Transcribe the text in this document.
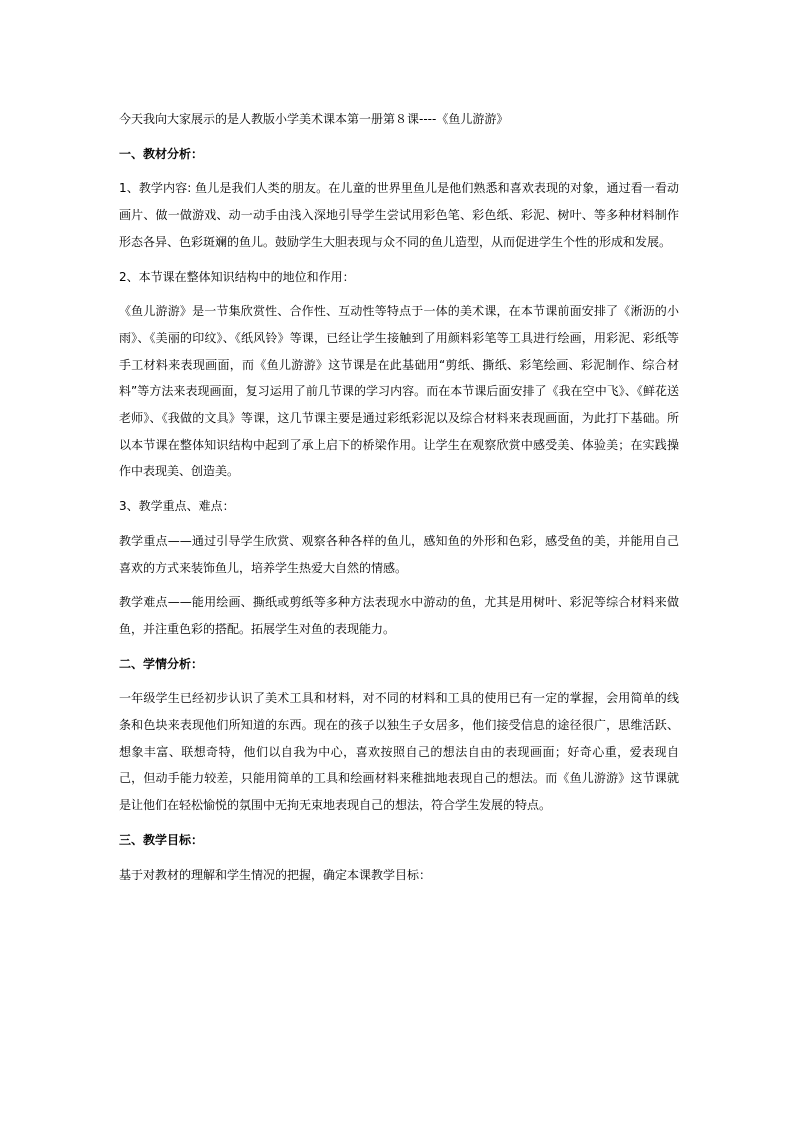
今天我向大家展示的是人教版小学美术课本第一册第８课----《鱼儿游游》

一、教材分析：

1、教学内容: 鱼儿是我们人类的朋友。在儿童的世界里鱼儿是他们熟悉和喜欢表现的对象，通过看一看动画片、做一做游戏、动一动手由浅入深地引导学生尝试用彩色笔、彩色纸、彩泥、树叶、等多种材料制作形态各异、色彩斑斓的鱼儿。鼓励学生大胆表现与众不同的鱼儿造型，从而促进学生个性的形成和发展。

2、本节课在整体知识结构中的地位和作用：

《鱼儿游游》是一节集欣赏性、合作性、互动性等特点于一体的美术课，在本节课前面安排了《淅沥的小雨》、《美丽的印纹》、《纸风铃》等课，已经让学生接触到了用颜料彩笔等工具进行绘画，用彩泥、彩纸等手工材料来表现画面，而《鱼儿游游》这节课是在此基础用“剪纸、撕纸、彩笔绘画、彩泥制作、综合材料”等方法来表现画面，复习运用了前几节课的学习内容。而在本节课后面安排了《我在空中飞》、《鲜花送老师》、《我做的文具》等课，这几节课主要是通过彩纸彩泥以及综合材料来表现画面，为此打下基础。所以本节课在整体知识结构中起到了承上启下的桥梁作用。让学生在观察欣赏中感受美、体验美；在实践操作中表现美、创造美。

3、教学重点、难点：

教学重点——通过引导学生欣赏、观察各种各样的鱼儿，感知鱼的外形和色彩，感受鱼的美，并能用自己喜欢的方式来装饰鱼儿，培养学生热爱大自然的情感。

教学难点——能用绘画、撕纸或剪纸等多种方法表现水中游动的鱼，尤其是用树叶、彩泥等综合材料来做鱼，并注重色彩的搭配。拓展学生对鱼的表现能力。

二、学情分析：

一年级学生已经初步认识了美术工具和材料，对不同的材料和工具的使用已有一定的掌握，会用简单的线条和色块来表现他们所知道的东西。现在的孩子以独生子女居多，他们接受信息的途径很广，思维活跃、想象丰富、联想奇特，他们以自我为中心，喜欢按照自己的想法自由的表现画面；好奇心重，爱表现自己，但动手能力较差，只能用简单的工具和绘画材料来稚拙地表现自己的想法。而《鱼儿游游》这节课就是让他们在轻松愉悦的氛围中无拘无束地表现自己的想法，符合学生发展的特点。

三、教学目标：

基于对教材的理解和学生情况的把握，确定本课教学目标：
